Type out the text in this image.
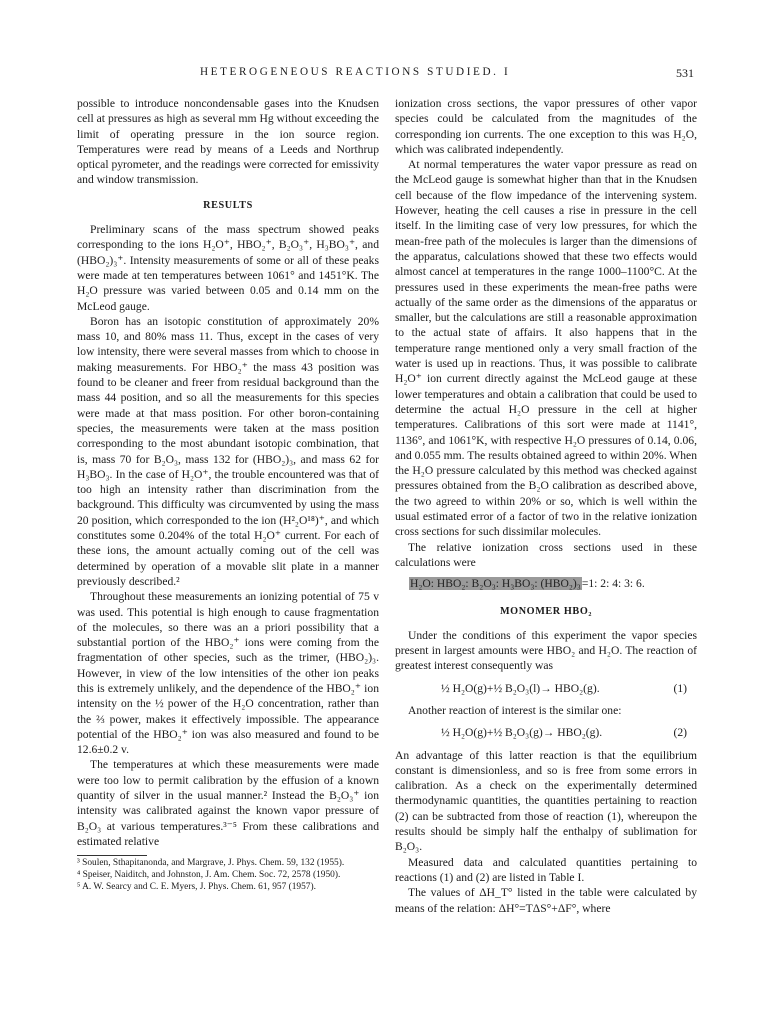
HETEROGENEOUS REACTIONS STUDIED. I	531

possible to introduce noncondensable gases into the Knudsen cell at pressures as high as several mm Hg without exceeding the limit of operating pressure in the ion source region. Temperatures were read by means of a Leeds and Northrup optical pyrometer, and the readings were corrected for emissivity and window transmission.

RESULTS

Preliminary scans of the mass spectrum showed peaks corresponding to the ions H₂O⁺, HBO₂⁺, B₂O₃⁺, H₃BO₃⁺, and (HBO₂)₃⁺. Intensity measurements of some or all of these peaks were made at ten temperatures between 1061° and 1451°K. The H₂O pressure was varied between 0.05 and 0.14 mm on the McLeod gauge.

Boron has an isotopic constitution of approximately 20% mass 10, and 80% mass 11. Thus, except in the cases of very low intensity, there were several masses from which to choose in making measurements. For HBO₂⁺ the mass 43 position was found to be cleaner and freer from residual background than the mass 44 position, and so all the measurements for this species were made at that mass position. For other boron-containing species, the measurements were taken at the mass position corresponding to the most abundant isotopic combination, that is, mass 70 for B₂O₃, mass 132 for (HBO₂)₃, and mass 62 for H₃BO₃. In the case of H₂O⁺, the trouble encountered was that of too high an intensity rather than discrimination from the background. This difficulty was circumvented by using the mass 20 position, which corresponded to the ion (H²₂O¹⁸)⁺, and which constitutes some 0.204% of the total H₂O⁺ current. For each of these ions, the amount actually coming out of the cell was determined by operation of a movable slit plate in a manner previously described.²

Throughout these measurements an ionizing potential of 75 v was used. This potential is high enough to cause fragmentation of the molecules, so there was an a priori possibility that a substantial portion of the HBO₂⁺ ions were coming from the fragmentation of other species, such as the trimer, (HBO₂)₃. However, in view of the low intensities of the other ion peaks this is extremely unlikely, and the dependence of the HBO₂⁺ ion intensity on the ½ power of the H₂O concentration, rather than the ⅔ power, makes it effectively impossible. The appearance potential of the HBO₂⁺ ion was also measured and found to be 12.6±0.2 v.

The temperatures at which these measurements were made were too low to permit calibration by the effusion of a known quantity of silver in the usual manner.² Instead the B₂O₃⁺ ion intensity was calibrated against the known vapor pressure of B₂O₃ at various temperatures.³⁻⁵ From these calibrations and estimated relative

³ Soulen, Sthapitanonda, and Margrave, J. Phys. Chem. 59, 132 (1955).
⁴ Speiser, Naiditch, and Johnston, J. Am. Chem. Soc. 72, 2578 (1950).
⁵ A. W. Searcy and C. E. Myers, J. Phys. Chem. 61, 957 (1957).

ionization cross sections, the vapor pressures of other vapor species could be calculated from the magnitudes of the corresponding ion currents. The one exception to this was H₂O, which was calibrated independently.

At normal temperatures the water vapor pressure as read on the McLeod gauge is somewhat higher than that in the Knudsen cell because of the flow impedance of the intervening system. However, heating the cell causes a rise in pressure in the cell itself. In the limiting case of very low pressures, for which the mean-free path of the molecules is larger than the dimensions of the apparatus, calculations showed that these two effects would almost cancel at temperatures in the range 1000–1100°C. At the pressures used in these experiments the mean-free paths were actually of the same order as the dimensions of the apparatus or smaller, but the calculations are still a reasonable approximation to the actual state of affairs. It also happens that in the temperature range mentioned only a very small fraction of the water is used up in reactions. Thus, it was possible to calibrate H₂O⁺ ion current directly against the McLeod gauge at these lower temperatures and obtain a calibration that could be used to determine the actual H₂O pressure in the cell at higher temperatures. Calibrations of this sort were made at 1141°, 1136°, and 1061°K, with respective H₂O pressures of 0.14, 0.06, and 0.055 mm. The results obtained agreed to within 20%. When the H₂O pressure calculated by this method was checked against pressures obtained from the B₂O calibration as described above, the two agreed to within 20% or so, which is well within the usual estimated error of a factor of two in the relative ionization cross sections for such dissimilar molecules.

The relative ionization cross sections used in these calculations were

H₂O: HBO₂: B₂O₃: H₃BO₃: (HBO₂)₃=1: 2: 4: 3: 6.
MONOMER HBO₂

Under the conditions of this experiment the vapor species present in largest amounts were HBO₂ and H₂O. The reaction of greatest interest consequently was

½ H₂O(g)+½ B₂O₃(l)→ HBO₂(g).	(1)

Another reaction of interest is the similar one:

½ H₂O(g)+½ B₂O₃(g)→ HBO₂(g).	(2)

An advantage of this latter reaction is that the equilibrium constant is dimensionless, and so is free from some errors in calibration. As a check on the experimentally determined thermodynamic quantities, the quantities pertaining to reaction (2) can be subtracted from those of reaction (1), whereupon the results should be simply half the enthalpy of sublimation for B₂O₃.

Measured data and calculated quantities pertaining to reactions (1) and (2) are listed in Table I.

The values of ΔH_T° listed in the table were calculated by means of the relation: ΔH°=TΔS°+ΔF°, where
